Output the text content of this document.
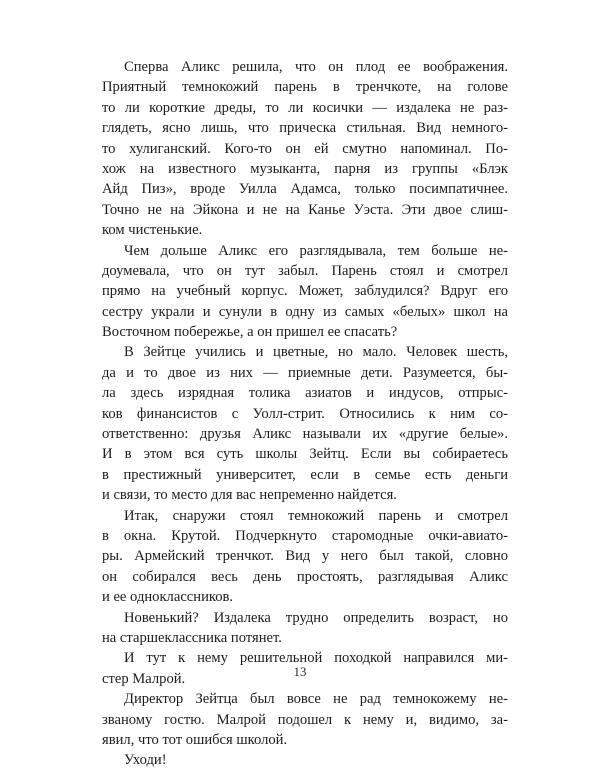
Сперва Аликс решила, что он плод ее воображения.
Приятный темнокожий парень в тренчкоте, на голове
то ли короткие дреды, то ли косички — издалека не раз-
глядеть, ясно лишь, что прическа стильная. Вид немного-
то хулиганский. Кого-то он ей смутно напоминал. По-
хож на известного музыканта, парня из группы «Блэк
Айд Пиз», вроде Уилла Адамса, только посимпатичнее.
Точно не на Эйкона и не на Канье Уэста. Эти двое слиш-
ком чистенькие.
Чем дольше Аликс его разглядывала, тем больше не-
доумевала, что он тут забыл. Парень стоял и смотрел
прямо на учебный корпус. Может, заблудился? Вдруг его
сестру украли и сунули в одну из самых «белых» школ на
Восточном побережье, а он пришел ее спасать?
В Зейтце учились и цветные, но мало. Человек шесть,
да и то двое из них — приемные дети. Разумеется, бы-
ла здесь изрядная толика азиатов и индусов, отпрыс-
ков финансистов с Уолл-стрит. Относились к ним со-
ответственно: друзья Аликс называли их «другие белые».
И в этом вся суть школы Зейтц. Если вы собираетесь
в престижный университет, если в семье есть деньги
и связи, то место для вас непременно найдется.
Итак, снаружи стоял темнокожий парень и смотрел
в окна. Крутой. Подчеркнуто старомодные очки-авиато-
ры. Армейский тренчкот. Вид у него был такой, словно
он собирался весь день простоять, разглядывая Аликс
и ее одноклассников.
Новенький? Издалека трудно определить возраст, но
на старшеклассника потянет.
И тут к нему решительной походкой направился ми-
стер Малрой.
Директор Зейтца был вовсе не рад темнокожему не-
званому гостю. Малрой подошел к нему и, видимо, за-
явил, что тот ошибся школой.
Уходи!
13
